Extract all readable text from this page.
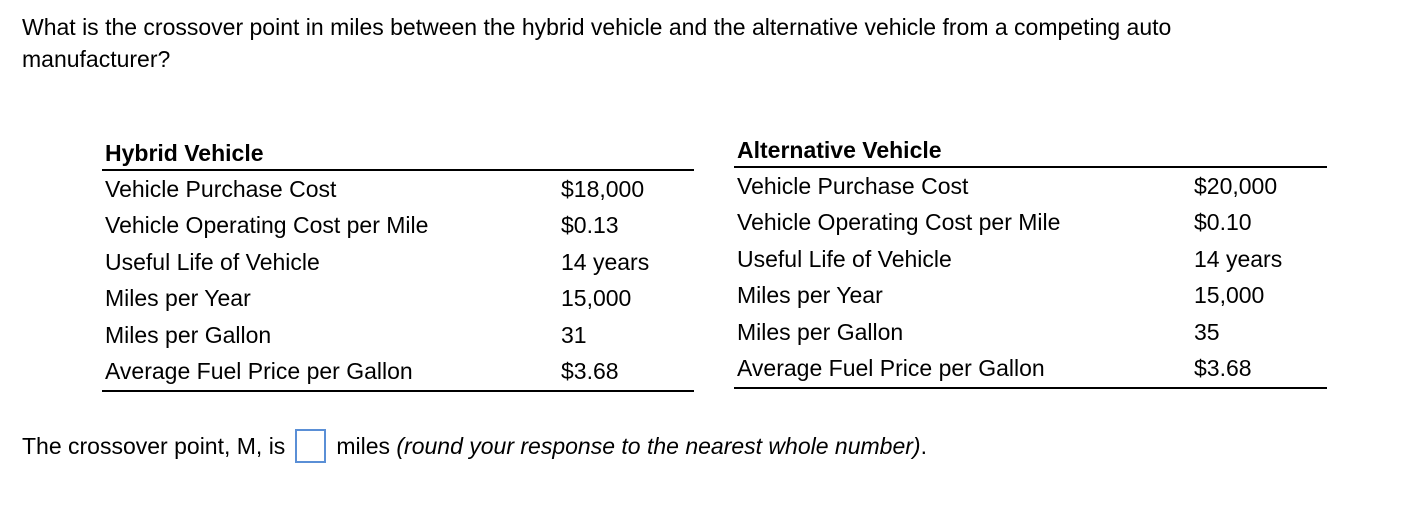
What is the crossover point in miles between the hybrid vehicle and the alternative vehicle from a competing auto manufacturer?
Hybrid Vehicle	
Vehicle Purchase Cost	$18,000
Vehicle Operating Cost per Mile	$0.13
Useful Life of Vehicle	14 years
Miles per Year	15,000
Miles per Gallon	31
Average Fuel Price per Gallon	$3.68
Alternative Vehicle	
Vehicle Purchase Cost	$20,000
Vehicle Operating Cost per Mile	$0.10
Useful Life of Vehicle	14 years
Miles per Year	15,000
Miles per Gallon	35
Average Fuel Price per Gallon	$3.68
The crossover point, M, is miles
(round your response to the nearest whole number) .
